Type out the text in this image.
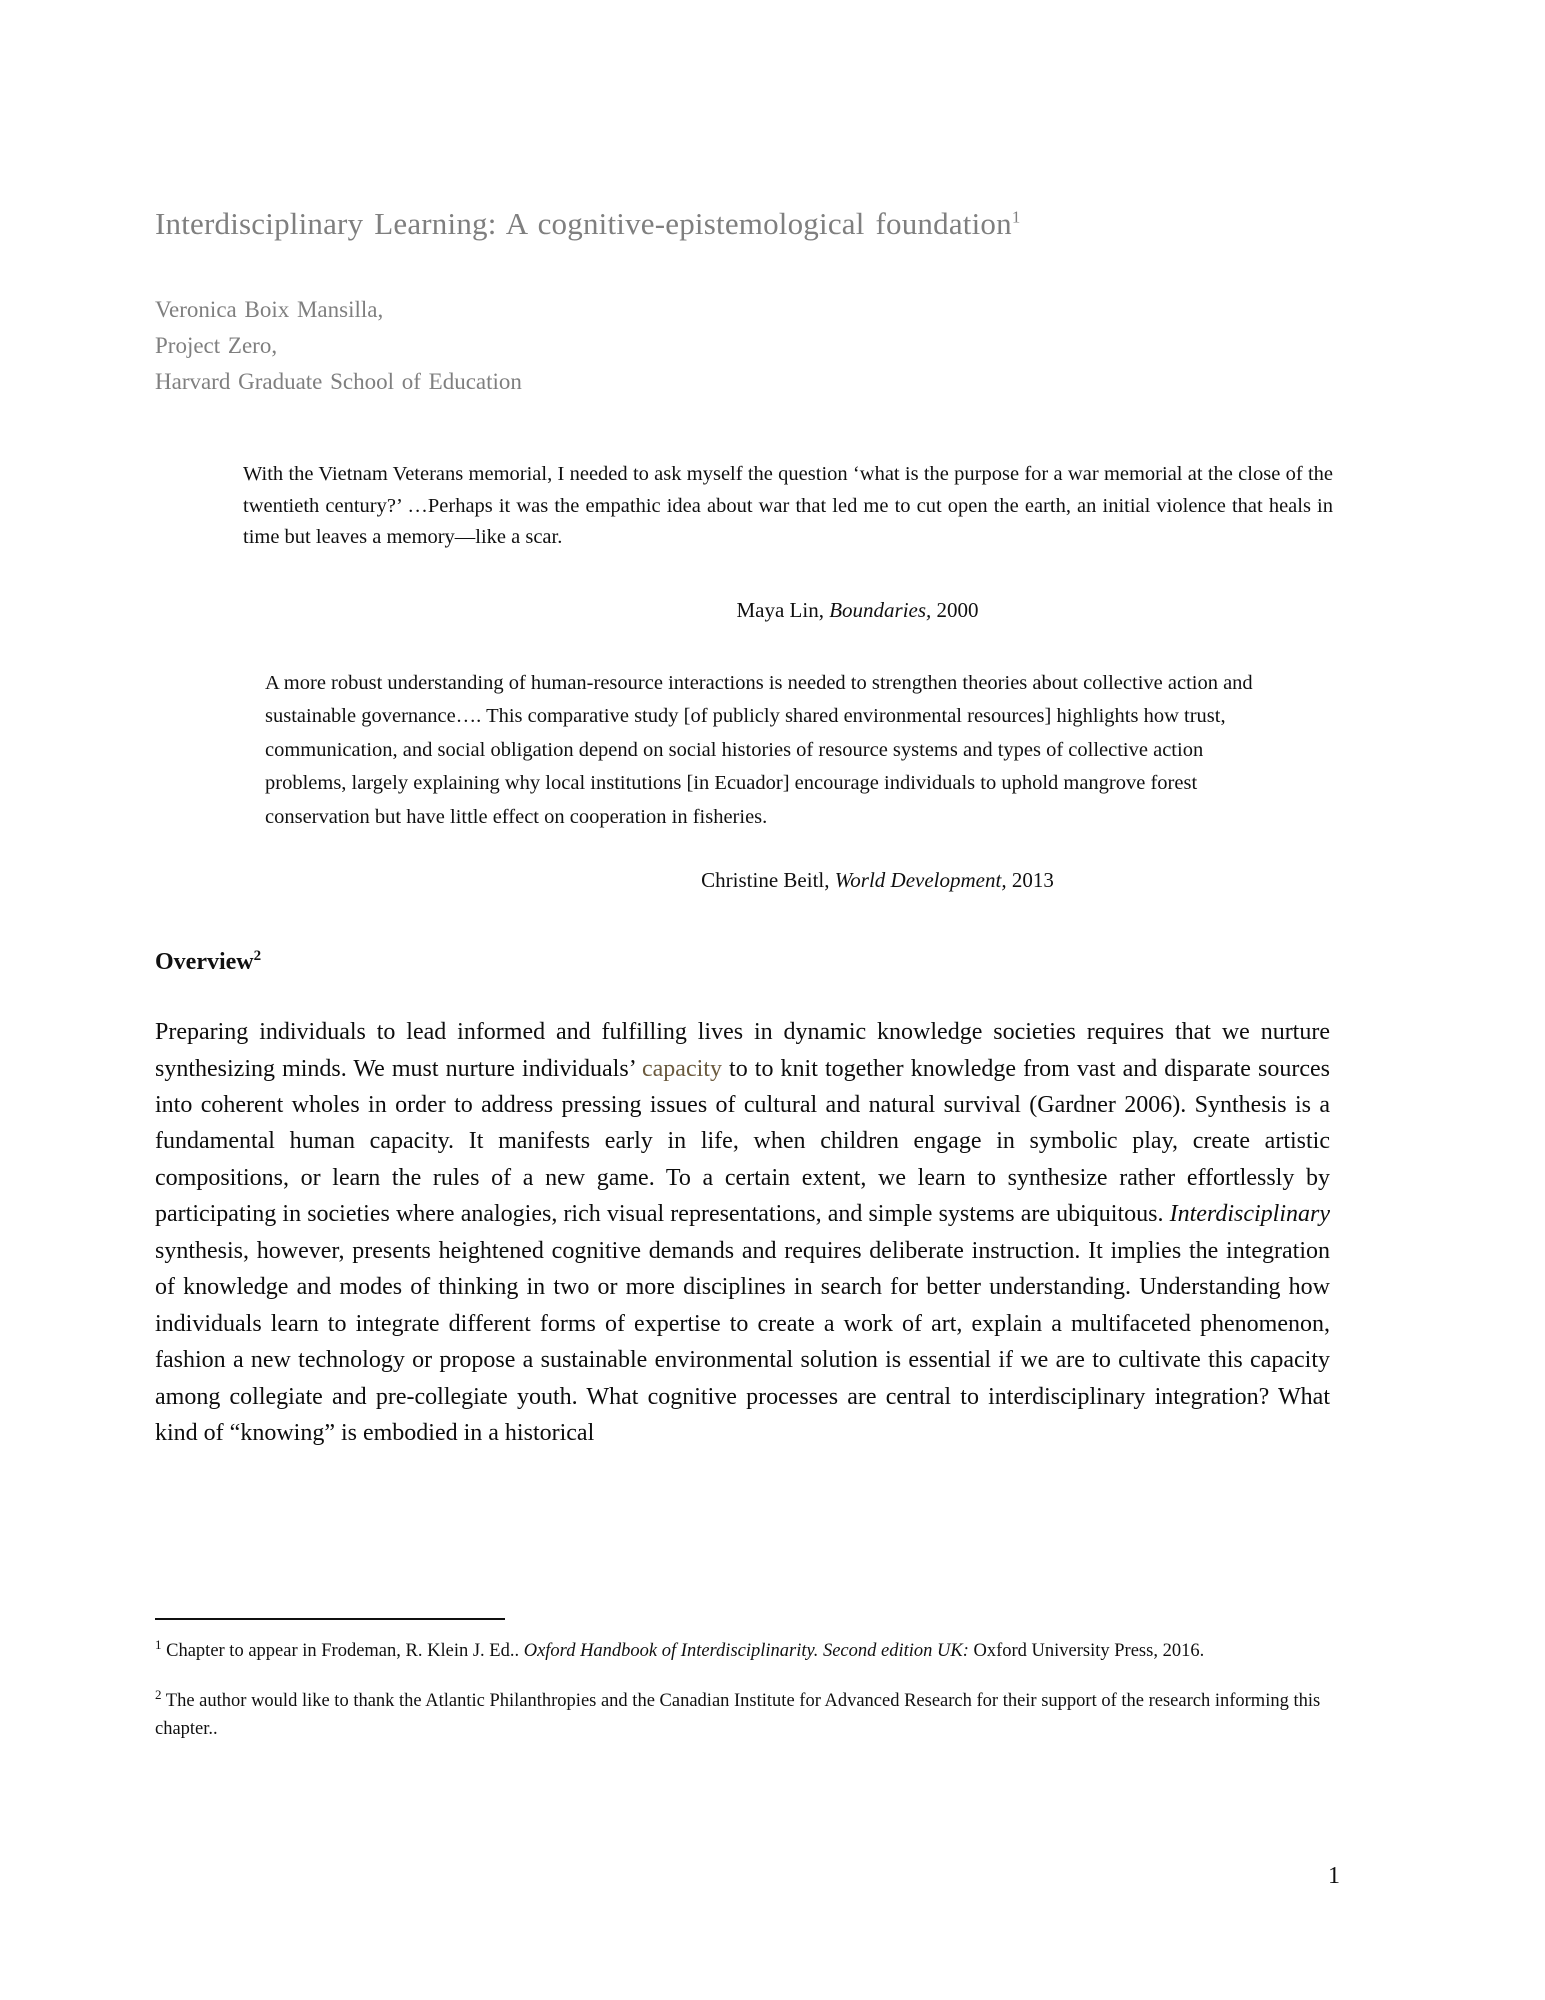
Interdisciplinary Learning: A cognitive-epistemological foundation$^1$
Veronica Boix Mansilla,
Project Zero,
Harvard Graduate School of Education
With the Vietnam Veterans memorial, I needed to ask myself the question ‘what is the purpose for a war memorial at the close of the twentieth century?’ …Perhaps it was the empathic idea about war that led me to cut open the earth, an initial violence that heals in time but leaves a memory—like a scar.
Maya Lin, Boundaries, 2000
A more robust understanding of human-resource interactions is needed to strengthen theories about collective action and sustainable governance…. This comparative study [of publicly shared environmental resources] highlights how trust, communication, and social obligation depend on social histories of resource systems and types of collective action problems, largely explaining why local institutions [in Ecuador] encourage individuals to uphold mangrove forest conservation but have little effect on cooperation in fisheries.
Christine Beitl, World Development, 2013
Overview$^2$

Preparing individuals to lead informed and fulfilling lives in dynamic knowledge societies requires that we nurture synthesizing minds. We must nurture individuals’ capacity to to knit together knowledge from vast and disparate sources into coherent wholes in order to address pressing issues of cultural and natural survival (Gardner 2006). Synthesis is a fundamental human capacity. It manifests early in life, when children engage in symbolic play, create artistic compositions, or learn the rules of a new game. To a certain extent, we learn to synthesize rather effortlessly by participating in societies where analogies, rich visual representations, and simple systems are ubiquitous. Interdisciplinary synthesis, however, presents heightened cognitive demands and requires deliberate instruction. It implies the integration of knowledge and modes of thinking in two or more disciplines in search for better understanding. Understanding how individuals learn to integrate different forms of expertise to create a work of art, explain a multifaceted phenomenon, fashion a new technology or propose a sustainable environmental solution is essential if we are to cultivate this capacity among collegiate and pre-collegiate youth. What cognitive processes are central to interdisciplinary integration? What kind of “knowing” is embodied in a historical

$^1$ Chapter to appear in Frodeman, R. Klein J. Ed.. Oxford Handbook of Interdisciplinarity. Second edition UK: Oxford University Press, 2016.
$^2$ The author would like to thank the Atlantic Philanthropies and the Canadian Institute for Advanced Research for their support of the research informing this chapter..
1
